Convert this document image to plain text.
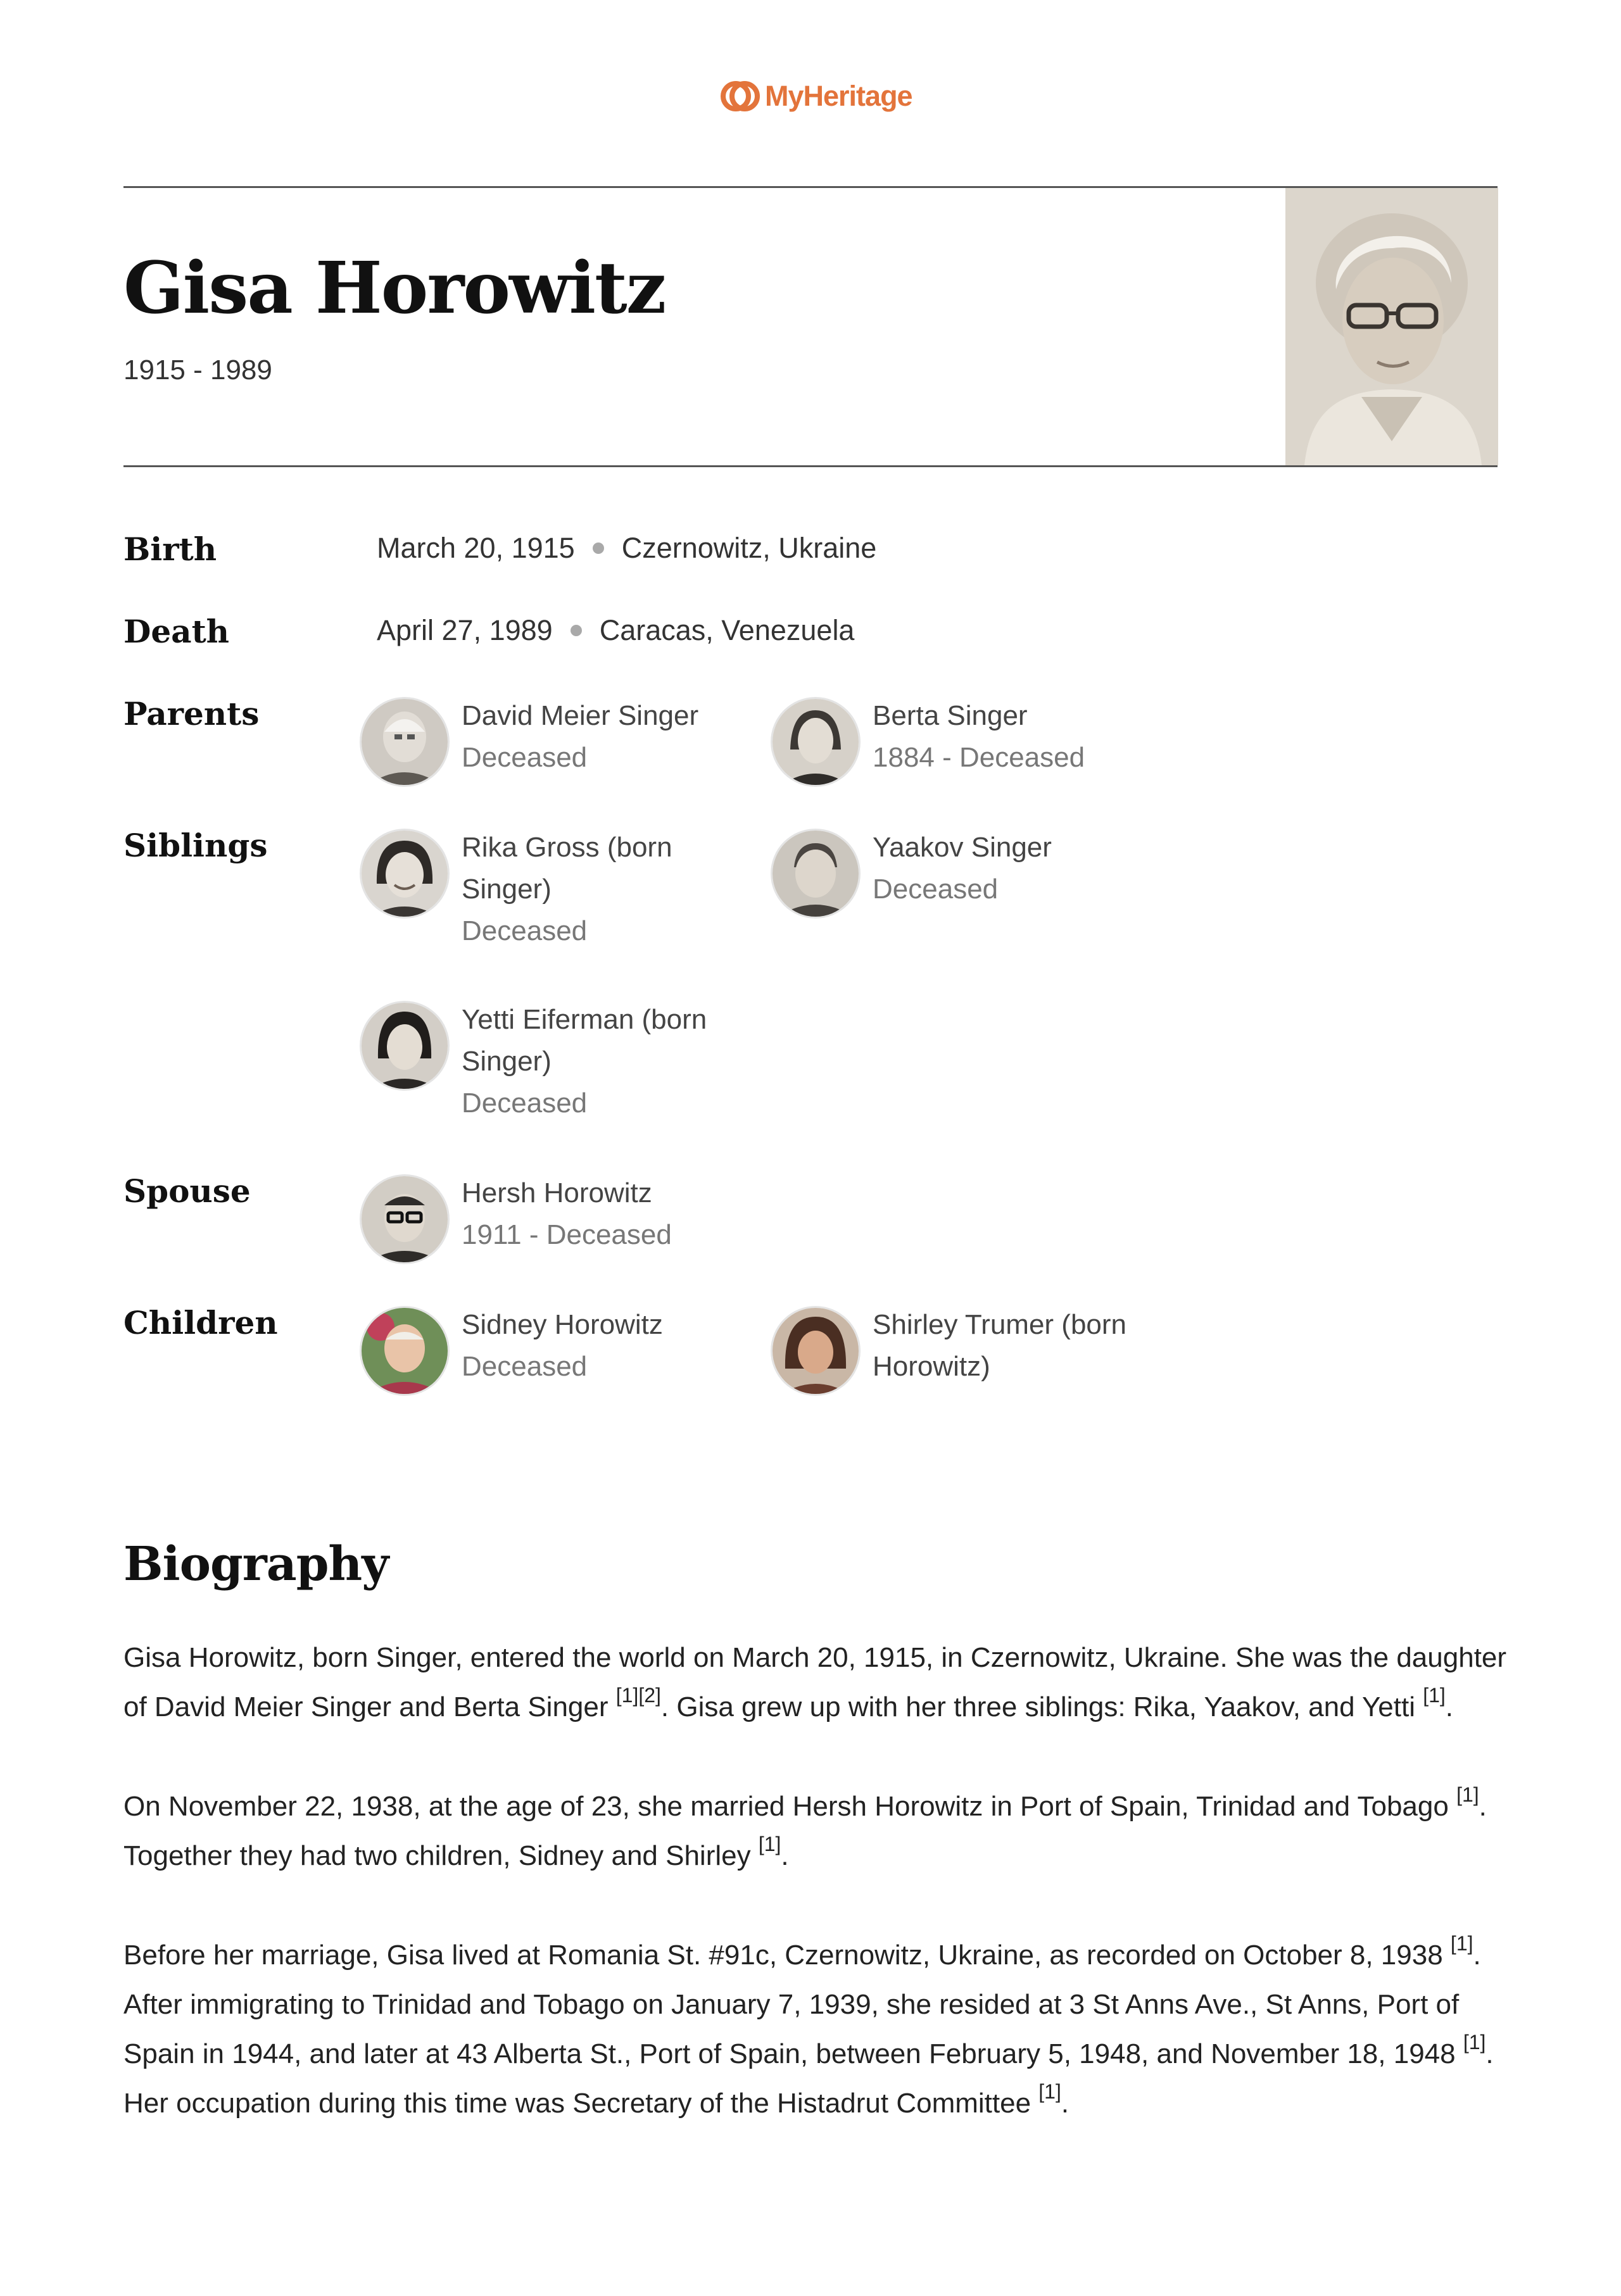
MyHeritage
Gisa Horowitz
1915 - 1989
Birth	March 20, 1915 Czernowitz, Ukraine
Death	April 27, 1989 Caracas, Venezuela
Parents	David Meier Singer
Deceased
Berta Singer
1884 - Deceased
Siblings	Rika Gross (born Singer)
Deceased
Yaakov Singer
Deceased
Yetti Eiferman (born Singer)
Deceased
Spouse	Hersh Horowitz
1911 - Deceased
Children	Sidney Horowitz
Deceased
Shirley Trumer (born Horowitz)
Biography

Gisa Horowitz, born Singer, entered the world on March 20, 1915, in Czernowitz, Ukraine. She was the daughter of David Meier Singer and Berta Singer [1][2]. Gisa grew up with her three siblings: Rika, Yaakov, and Yetti [1].

On November 22, 1938, at the age of 23, she married Hersh Horowitz in Port of Spain, Trinidad and Tobago [1]. Together they had two children, Sidney and Shirley [1].

Before her marriage, Gisa lived at Romania St. #91c, Czernowitz, Ukraine, as recorded on October 8, 1938 [1]. After immigrating to Trinidad and Tobago on January 7, 1939, she resided at 3 St Anns Ave., St Anns, Port of Spain in 1944, and later at 43 Alberta St., Port of Spain, between February 5, 1948, and November 18, 1948 [1]. Her occupation during this time was Secretary of the Histadrut Committee [1].
